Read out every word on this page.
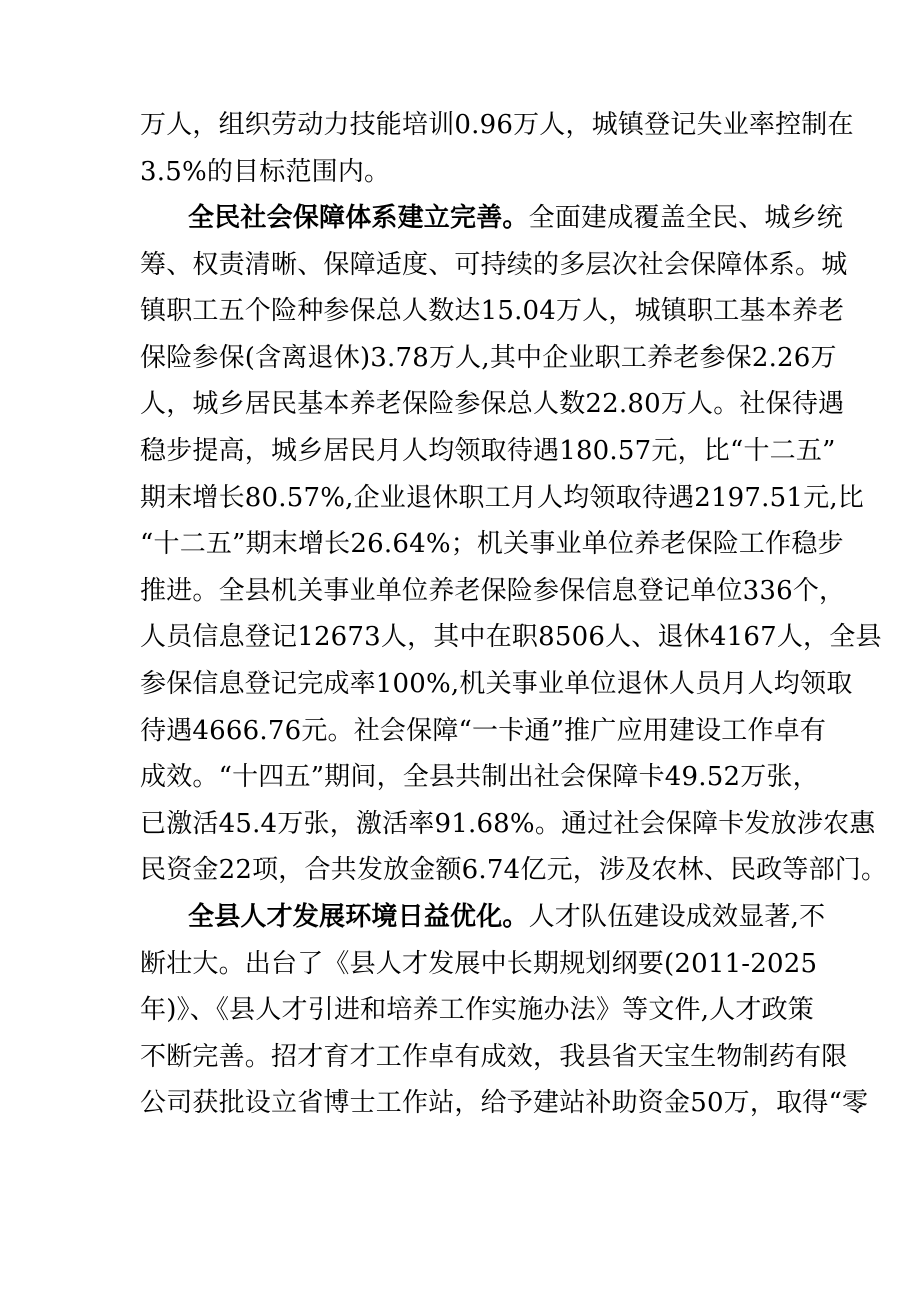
万人，组织劳动力技能培训0.96万人，城镇登记失业率控制在
3.5%的目标范围内。
全民社会保障体系建立完善。全面建成覆盖全民、城乡统
筹、权责清晰、保障适度、可持续的多层次社会保障体系。城
镇职工五个险种参保总人数达15.04万人，城镇职工基本养老
保险参保(含离退休)3.78万人,其中企业职工养老参保2.26万
人，城乡居民基本养老保险参保总人数22.80万人。社保待遇
稳步提高，城乡居民月人均领取待遇180.57元，比“十二五”
期末增长80.57%,企业退休职工月人均领取待遇2197.51元,比
“十二五”期末增长26.64%；机关事业单位养老保险工作稳步
推进。全县机关事业单位养老保险参保信息登记单位336个，
人员信息登记12673人，其中在职8506人、退休4167人，全县
参保信息登记完成率100%,机关事业单位退休人员月人均领取
待遇4666.76元。社会保障“一卡通”推广应用建设工作卓有
成效。“十四五”期间，全县共制出社会保障卡49.52万张，
已激活45.4万张，激活率91.68%。通过社会保障卡发放涉农惠
民资金22项，合共发放金额6.74亿元，涉及农林、民政等部门。
全县人才发展环境日益优化。人才队伍建设成效显著,不
断壮大。出台了《县人才发展中长期规划纲要(2011-2025
年)》、《县人才引进和培养工作实施办法》等文件,人才政策
不断完善。招才育才工作卓有成效，我县省天宝生物制药有限
公司获批设立省博士工作站，给予建站补助资金50万，取得“零
